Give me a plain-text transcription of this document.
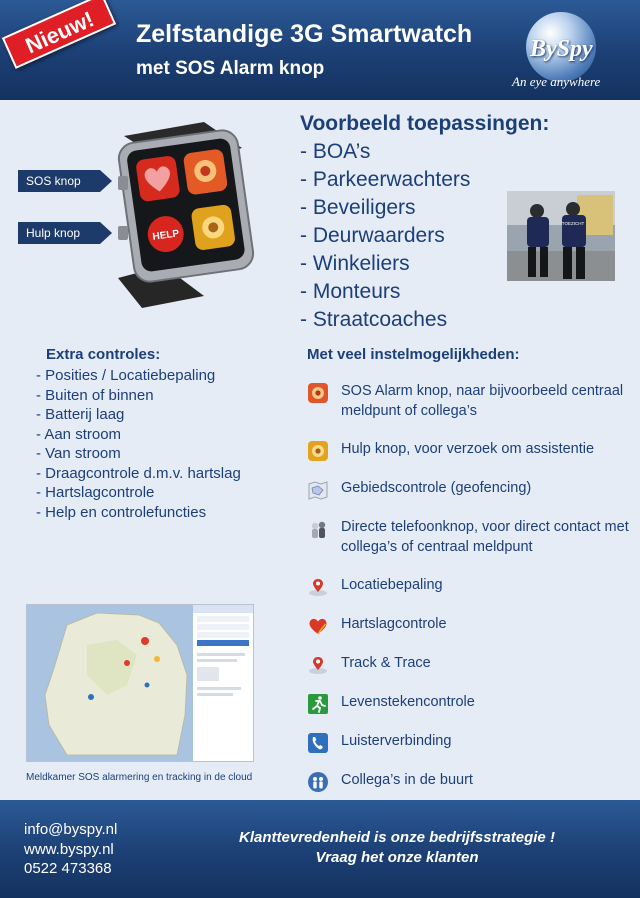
Nieuw!	Zelfstandige 3G Smartwatch
met SOS Alarm knop
BySpy
An eye anywhere
HELP
SOS knop
Hulp knop
Voorbeeld toepassingen:
- BOA’s
- Parkeerwachters
- Beveiligers
- Deurwaarders
- Winkeliers
- Monteurs
- Straatcoaches
TOEZICHT
Extra controles:
- Posities / Locatiebepaling
- Buiten of binnen
- Batterij laag
- Aan stroom
- Van stroom
- Draagcontrole d.m.v. hartslag
- Hartslagcontrole
- Help en controlefuncties
Met veel instelmogelijkheden:
SOS Alarm knop, naar bijvoorbeeld centraal meldpunt of collega’s
Hulp knop, voor verzoek om assistentie
Gebiedscontrole (geofencing)
Directe telefoonknop, voor direct contact met collega’s of centraal meldpunt
Locatiebepaling
Hartslagcontrole
Track & Trace
Levenstekencontrole
Luisterverbinding
Collega’s in de buurt
Meldkamer SOS alarmering en tracking in de cloud
info@byspy.nl
www.byspy.nl
0522 473368
Klanttevredenheid is onze bedrijfsstrategie !
Vraag het onze klanten
